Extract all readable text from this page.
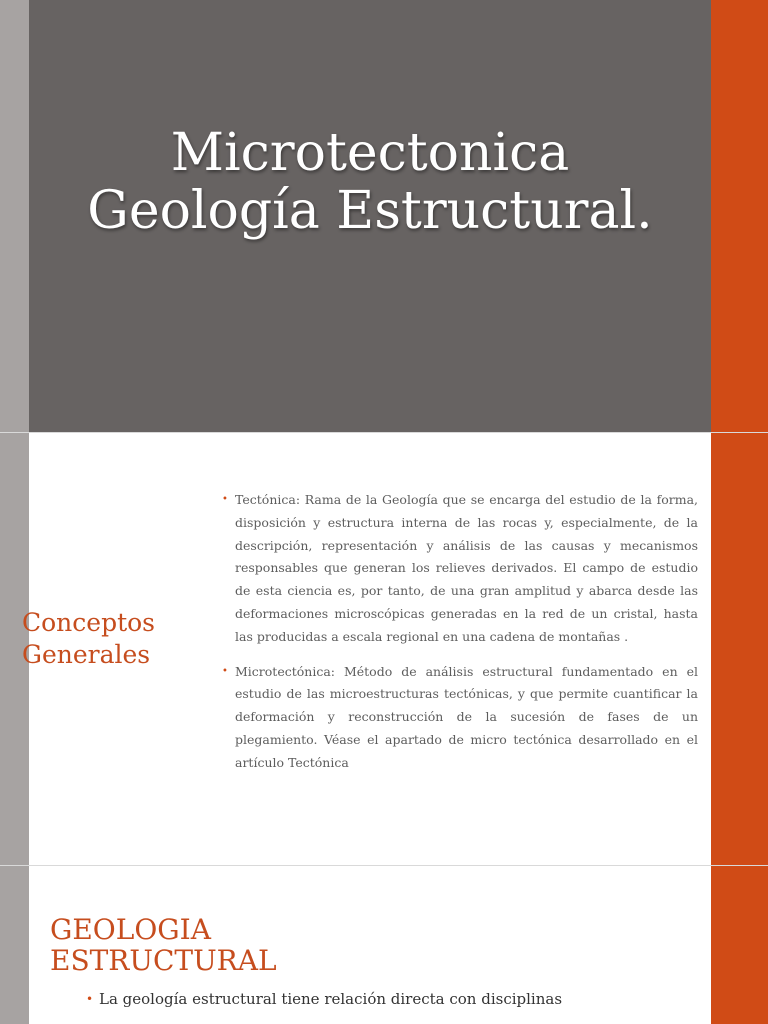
Microtectonica
Geología Estructural.
Conceptos
Generales
• Tectónica: Rama de la Geología que se encarga del estudio de la forma, disposición y estructura interna de las rocas y, especialmente, de la descripción, representación y análisis de las causas y mecanismos responsables que generan los relieves derivados. El campo de estudio de esta ciencia es, por tanto, de una gran amplitud y abarca desde las deformaciones microscópicas generadas en la red de un cristal, hasta las producidas a escala regional en una cadena de montañas .
• Microtectónica: Método de análisis estructural fundamentado en el estudio de las microestructuras tectónicas, y que permite cuantificar la deformación y reconstrucción de la sucesión de fases de un plegamiento. Véase el apartado de micro tectónica desarrollado en el artículo Tectónica
GEOLOGIA
ESTRUCTURAL
• La geología estructural tiene relación directa con disciplinas
